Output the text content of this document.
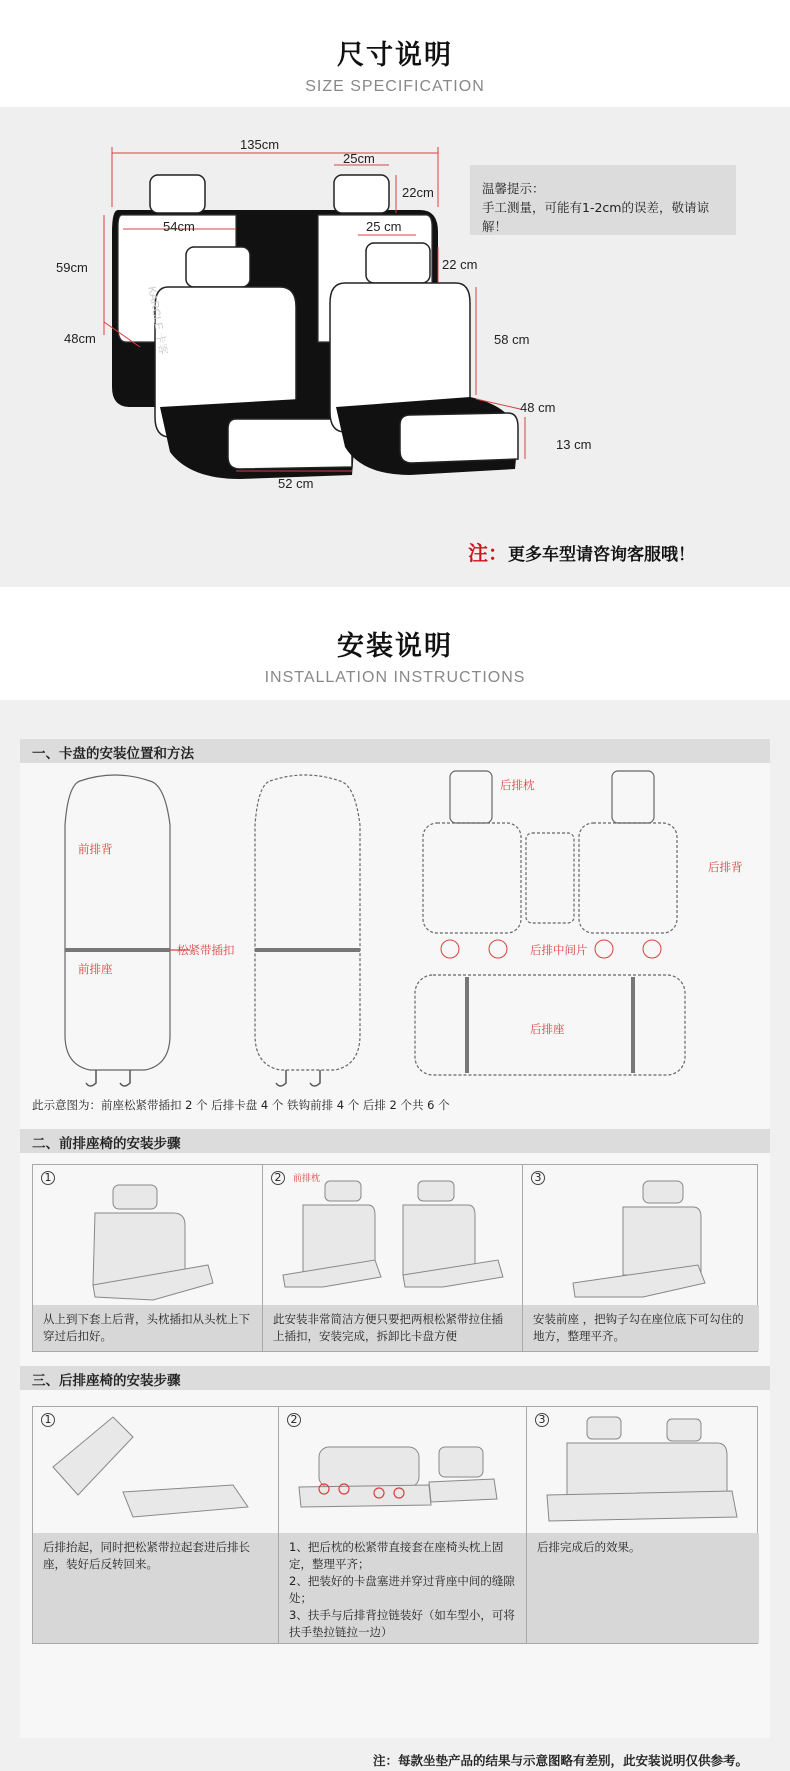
尺寸说明
SIZE SPECIFICATION
135cm
25cm
22cm
54cm
59cm
48cm
25 cm
22 cm
58 cm
48 cm
13 cm
52 cm
KARCLE 卡客
温馨提示：
手工测量，可能有1-2cm的误差，敬请谅解！
注：更多车型请咨询客服哦！
安装说明
INSTALLATION INSTRUCTIONS
一、卡盘的安装位置和方法
前排背
前排座
松紧带插扣
后排枕
后排背
后排中间片
后排座
此示意图为：前座松紧带插扣 2 个 后排卡盘 4 个 铁钩前排 4 个 后排 2 个共 6 个
二、前排座椅的安装步骤
1
从上到下套上后背，头枕插扣从头枕上下穿过后扣好。
2	前排枕
此安装非常简洁方便只要把两根松紧带拉住插上插扣，安装完成，拆卸比卡盘方便
3
安装前座 ，把钩子勾在座位底下可勾住的地方，整理平齐。
三、后排座椅的安装步骤
1
后排抬起，同时把松紧带拉起套进后排长座，装好后反转回来。
2
1、把后枕的松紧带直接套在座椅头枕上固定，整理平齐；
2、把装好的卡盘塞进并穿过背座中间的缝隙处；
3、扶手与后排背拉链装好（如车型小，可将扶手垫拉链拉一边）
3
后排完成后的效果。
注：每款坐垫产品的结果与示意图略有差别，此安装说明仅供参考。
